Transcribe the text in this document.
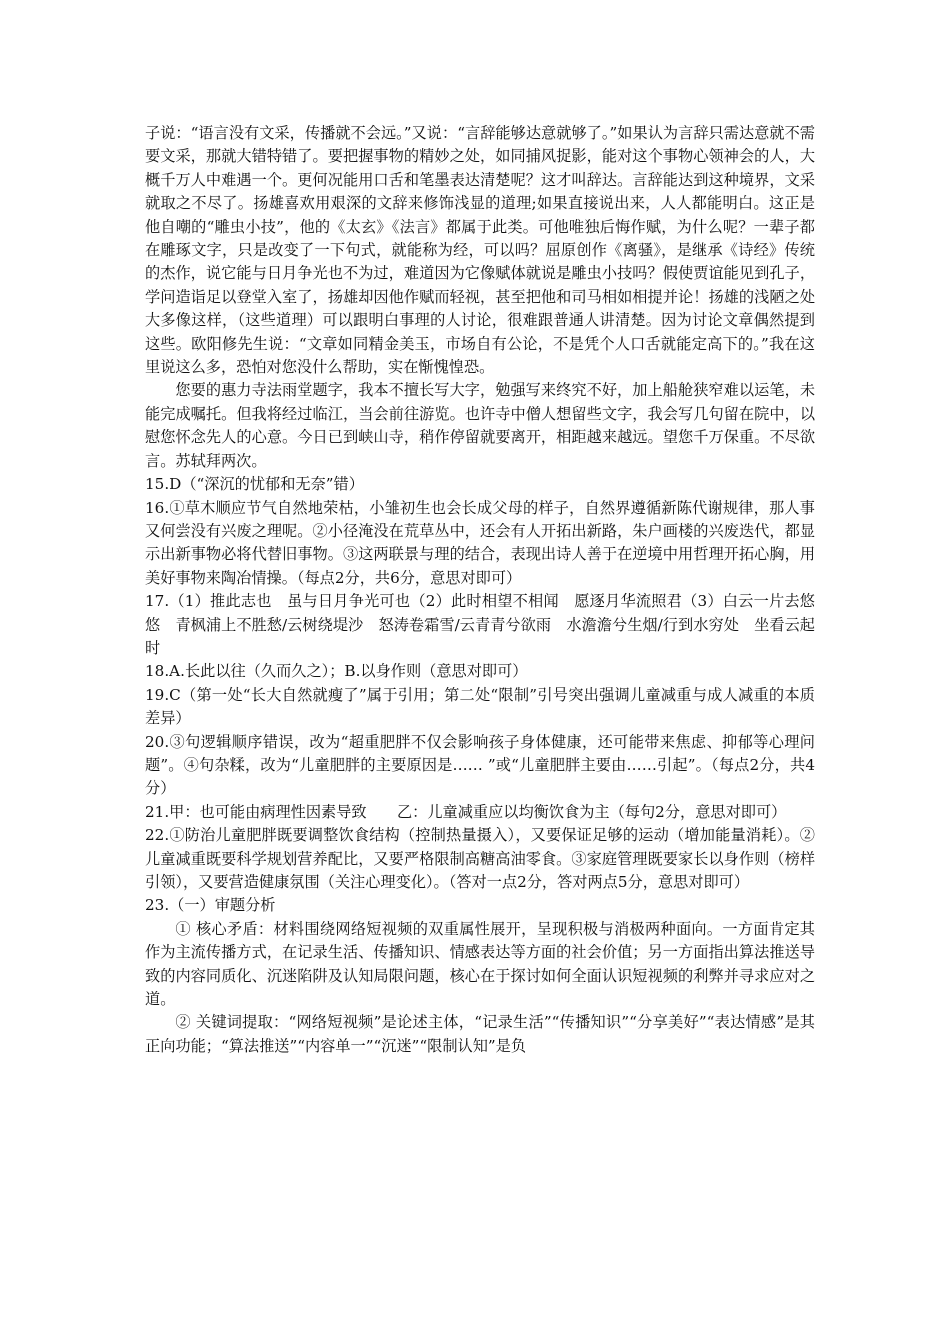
子说：“语言没有文采，传播就不会远。”又说：“言辞能够达意就够了。”如果认为言辞只需达意就不需要文采，那就大错特错了。要把握事物的精妙之处，如同捕风捉影，能对这个事物心领神会的人，大概千万人中难遇一个。更何况能用口舌和笔墨表达清楚呢？这才叫辞达。言辞能达到这种境界，文采就取之不尽了。扬雄喜欢用艰深的文辞来修饰浅显的道理;如果直接说出来，人人都能明白。这正是他自嘲的“雕虫小技”，他的《太玄》《法言》都属于此类。可他唯独后悔作赋，为什么呢？一辈子都在雕琢文字，只是改变了一下句式，就能称为经，可以吗？屈原创作《离骚》，是继承《诗经》传统的杰作，说它能与日月争光也不为过，难道因为它像赋体就说是雕虫小技吗？假使贾谊能见到孔子，学问造诣足以登堂入室了，扬雄却因他作赋而轻视，甚至把他和司马相如相提并论！扬雄的浅陋之处大多像这样，（这些道理）可以跟明白事理的人讨论，很难跟普通人讲清楚。因为讨论文章偶然提到这些。欧阳修先生说：“文章如同精金美玉，市场自有公论，不是凭个人口舌就能定高下的。”我在这里说这么多，恐怕对您没什么帮助，实在惭愧惶恐。

您要的惠力寺法雨堂题字，我本不擅长写大字，勉强写来终究不好，加上船舱狭窄难以运笔，未能完成嘱托。但我将经过临江，当会前往游览。也许寺中僧人想留些文字，我会写几句留在院中，以慰您怀念先人的心意。今日已到峡山寺，稍作停留就要离开，相距越来越远。望您千万保重。不尽欲言。苏轼拜两次。

15.D（“深沉的忧郁和无奈”错）

16.①草木顺应节气自然地荣枯，小雏初生也会长成父母的样子，自然界遵循新陈代谢规律，那人事又何尝没有兴废之理呢。②小径淹没在荒草丛中，还会有人开拓出新路，朱户画楼的兴废迭代，都显示出新事物必将代替旧事物。③这两联景与理的结合，表现出诗人善于在逆境中用哲理开拓心胸，用美好事物来陶冶情操。（每点2分，共6分，意思对即可）

17.（1）推此志也　虽与日月争光可也（2）此时相望不相闻　愿逐月华流照君（3）白云一片去悠悠　青枫浦上不胜愁/云树绕堤沙　怒涛卷霜雪/云青青兮欲雨　水澹澹兮生烟/行到水穷处　坐看云起时

18.A.长此以往（久而久之）；B.以身作则（意思对即可）

19.C（第一处“长大自然就瘦了”属于引用；第二处“限制”引号突出强调儿童减重与成人减重的本质差异）

20.③句逻辑顺序错误，改为“超重肥胖不仅会影响孩子身体健康，还可能带来焦虑、抑郁等心理问题”。④句杂糅，改为“儿童肥胖的主要原因是…… ”或“儿童肥胖主要由……引起”。（每点2分，共4分）

21.甲：也可能由病理性因素导致　　乙：儿童减重应以均衡饮食为主（每句2分，意思对即可）

22.①防治儿童肥胖既要调整饮食结构（控制热量摄入），又要保证足够的运动（增加能量消耗）。②儿童减重既要科学规划营养配比，又要严格限制高糖高油零食。③家庭管理既要家长以身作则（榜样引领），又要营造健康氛围（关注心理变化）。（答对一点2分，答对两点5分，意思对即可）

23.（一）审题分析

① 核心矛盾：材料围绕网络短视频的双重属性展开，呈现积极与消极两种面向。一方面肯定其作为主流传播方式，在记录生活、传播知识、情感表达等方面的社会价值；另一方面指出算法推送导致的内容同质化、沉迷陷阱及认知局限问题，核心在于探讨如何全面认识短视频的利弊并寻求应对之道。

② 关键词提取：“网络短视频”是论述主体，“记录生活”“传播知识”“分享美好”“表达情感”是其正向功能；“算法推送”“内容单一”“沉迷”“限制认知”是负
